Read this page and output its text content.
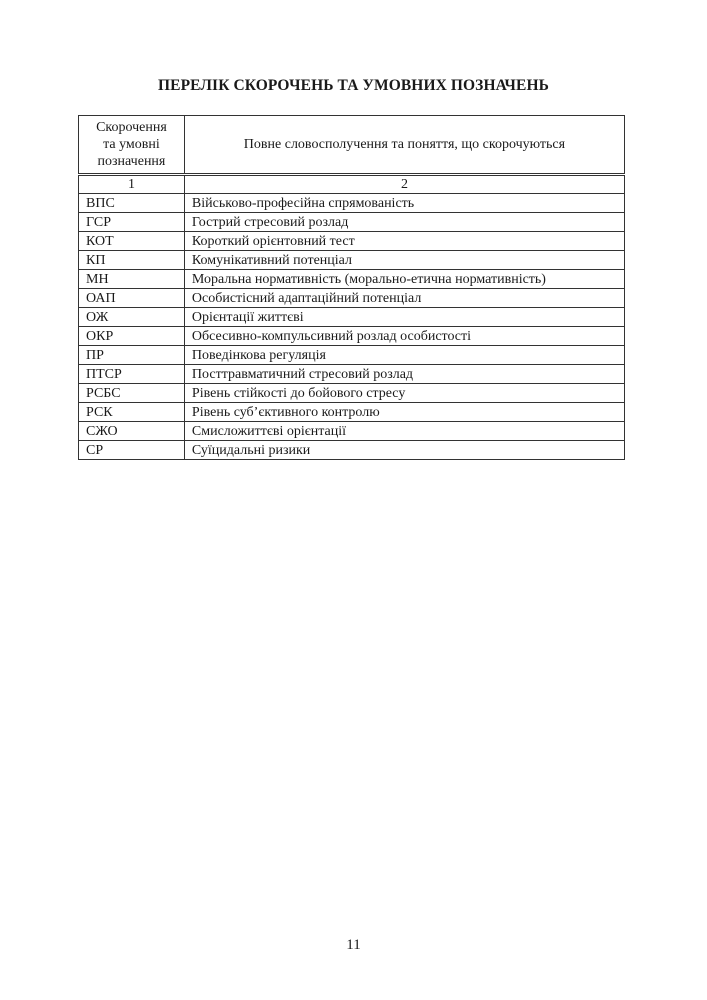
ПЕРЕЛІК СКОРОЧЕНЬ ТА УМОВНИХ ПОЗНАЧЕНЬ
Скорочення
та умовні
позначення	Повне словосполучення та поняття, що скорочуються
1	2
ВПС	Військово-професійна спрямованість
ГСР	Гострий стресовий розлад
КОТ	Короткий орієнтовний тест
КП	Комунікативний потенціал
МН	Моральна нормативність (морально-етична нормативність)
ОАП	Особистісний адаптаційний потенціал
ОЖ	Орієнтації життєві
ОКР	Обсесивно-компульсивний розлад особистості
ПР	Поведінкова регуляція
ПТСР	Посттравматичний стресовий розлад
РСБС	Рівень стійкості до бойового стресу
РСК	Рівень суб’єктивного контролю
СЖО	Смисложиттєві орієнтації
СР	Суїцидальні ризики
11
